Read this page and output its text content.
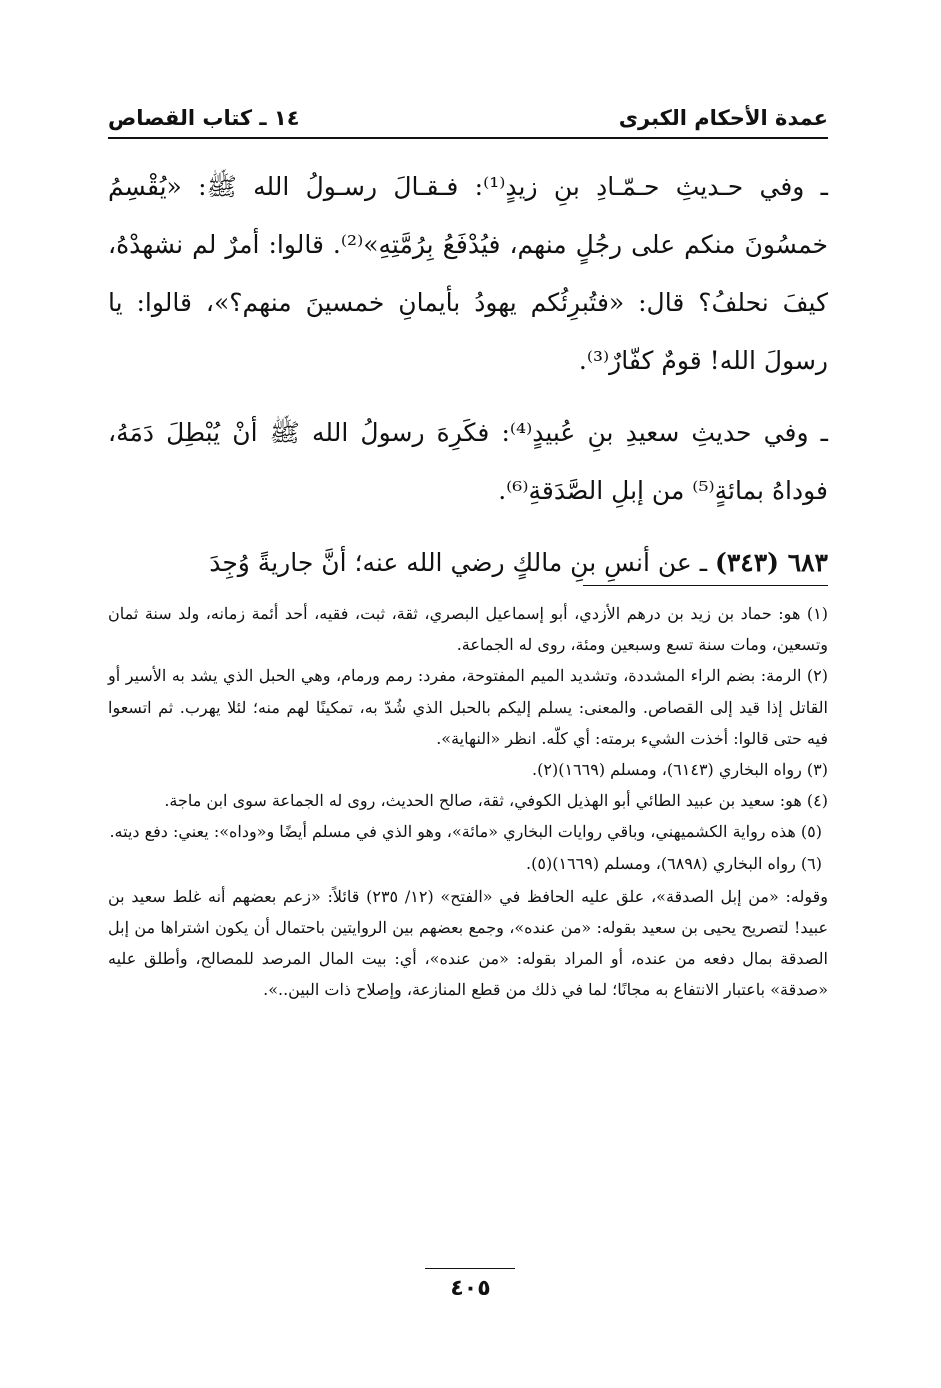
عمدة الأحكام الكبرى
١٤ ـ كتاب القصاص

ـ وفي حـديثِ حـمّـادِ بنِ زيدٍ⁽¹⁾: فـقـالَ رسـولُ الله ﷺ: «يُقْسِمُ خمسُونَ منكم على رجُلٍ منهم، فيُدْفَعُ بِرُمَّتِهِ»⁽²⁾. قالوا: أمرٌ لم نشهدْهُ، كيفَ نحلفُ؟ قال: «فتُبرِئُكم يهودُ بأيمانِ خمسينَ منهم؟»، قالوا: يا رسولَ الله! قومٌ كفّارٌ⁽³⁾.

ـ وفي حديثِ سعيدِ بنِ عُبيدٍ⁽⁴⁾: فكَرِهَ رسولُ الله ﷺ أنْ يُبْطِلَ دَمَهُ، فوداهُ بمائةٍ⁽⁵⁾ من إبلِ الصَّدَقةِ⁽⁶⁾.

٦٨٣ (٣٤٣) ـ عن أنسِ بنِ مالكٍ رضي الله عنه؛ أنَّ جاريةً وُجِدَ

(١) هو: حماد بن زيد بن درهم الأزدي، أبو إسماعيل البصري، ثقة، ثبت، فقيه، أحد أئمة زمانه، ولد سنة ثمان وتسعين، ومات سنة تسع وسبعين ومئة، روى له الجماعة.

(٢) الرمة: بضم الراء المشددة، وتشديد الميم المفتوحة، مفرد: رمم ورمام، وهي الحبل الذي يشد به الأسير أو القاتل إذا قيد إلى القصاص. والمعنى: يسلم إليكم بالحبل الذي شُدّ به، تمكينًا لهم منه؛ لئلا يهرب. ثم اتسعوا فيه حتى قالوا: أخذت الشيء برمته: أي كلّه. انظر «النهاية».

(٣) رواه البخاري (٦١٤٣)، ومسلم (١٦٦٩)(٢).

(٤) هو: سعيد بن عبيد الطائي أبو الهذيل الكوفي، ثقة، صالح الحديث، روى له الجماعة سوى ابن ماجة.

(٥) هذه رواية الكشميهني، وباقي روايات البخاري «مائة»، وهو الذي في مسلم أيضًا و«وداه»: يعني: دفع ديته.

(٦) رواه البخاري (٦٨٩٨)، ومسلم (١٦٦٩)(٥).

وقوله: «من إبل الصدقة»، علق عليه الحافظ في «الفتح» (١٢/ ٢٣٥) قائلاً: «زعم بعضهم أنه غلط سعيد بن عبيد! لتصريح يحيى بن سعيد بقوله: «من عنده»، وجمع بعضهم بين الروايتين باحتمال أن يكون اشتراها من إبل الصدقة بمال دفعه من عنده، أو المراد بقوله: «من عنده»، أي: بيت المال المرصد للمصالح، وأطلق عليه «صدقة» باعتبار الانتفاع به مجانًا؛ لما في ذلك من قطع المنازعة، وإصلاح ذات البين..».

٤٠٥
